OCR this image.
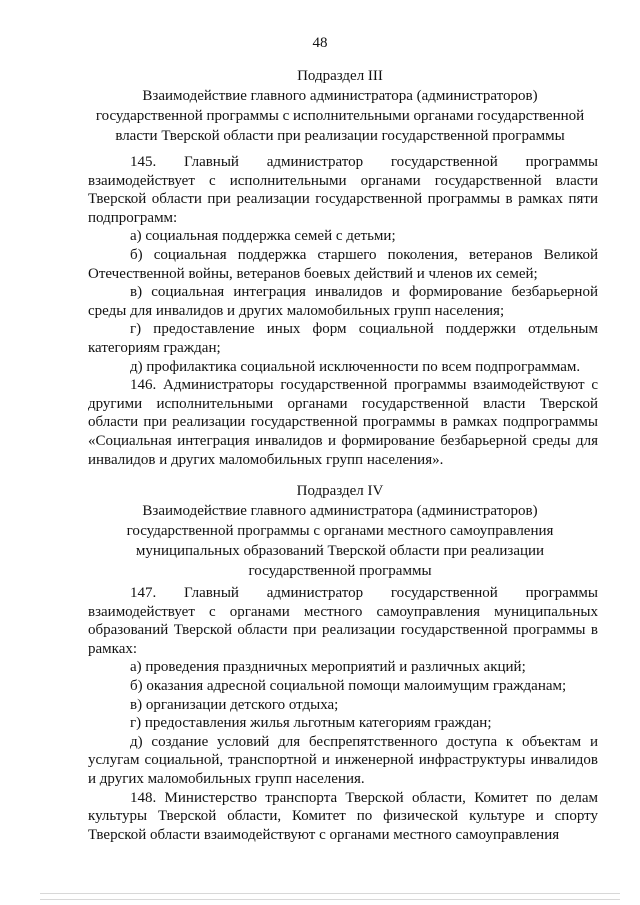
48
Подраздел III
Взаимодействие главного администратора (администраторов)
государственной программы с исполнительными органами государственной
власти Тверской области при реализации государственной программы

145. Главный администратор государственной программы взаимодействует с исполнительными органами государственной власти Тверской области при реализации государственной программы в рамках пяти подпрограмм:

а) социальная поддержка семей с детьми;

б) социальная поддержка старшего поколения, ветеранов Великой Отечественной войны, ветеранов боевых действий и членов их семей;

в) социальная интеграция инвалидов и формирование безбарьерной среды для инвалидов и других маломобильных групп населения;

г) предоставление иных форм социальной поддержки отдельным категориям граждан;

д) профилактика социальной исключенности по всем подпрограммам.

146. Администраторы государственной программы взаимодействуют с другими исполнительными органами государственной власти Тверской области при реализации государственной программы в рамках подпрограммы «Социальная интеграция инвалидов и формирование безбарьерной среды для инвалидов и других маломобильных групп населения».

Подраздел IV
Взаимодействие главного администратора (администраторов)
государственной программы с органами местного самоуправления
муниципальных образований Тверской области при реализации
государственной программы

147. Главный администратор государственной программы взаимодействует с органами местного самоуправления муниципальных образований Тверской области при реализации государственной программы в рамках:

а) проведения праздничных мероприятий и различных акций;

б) оказания адресной социальной помощи малоимущим гражданам;

в) организации детского отдыха;

г) предоставления жилья льготным категориям граждан;

д) создание условий для беспрепятственного доступа к объектам и услугам социальной, транспортной и инженерной инфраструктуры инвалидов и других маломобильных групп населения.

148. Министерство транспорта Тверской области, Комитет по делам культуры Тверской области, Комитет по физической культуре и спорту Тверской области взаимодействуют с органами местного самоуправления
